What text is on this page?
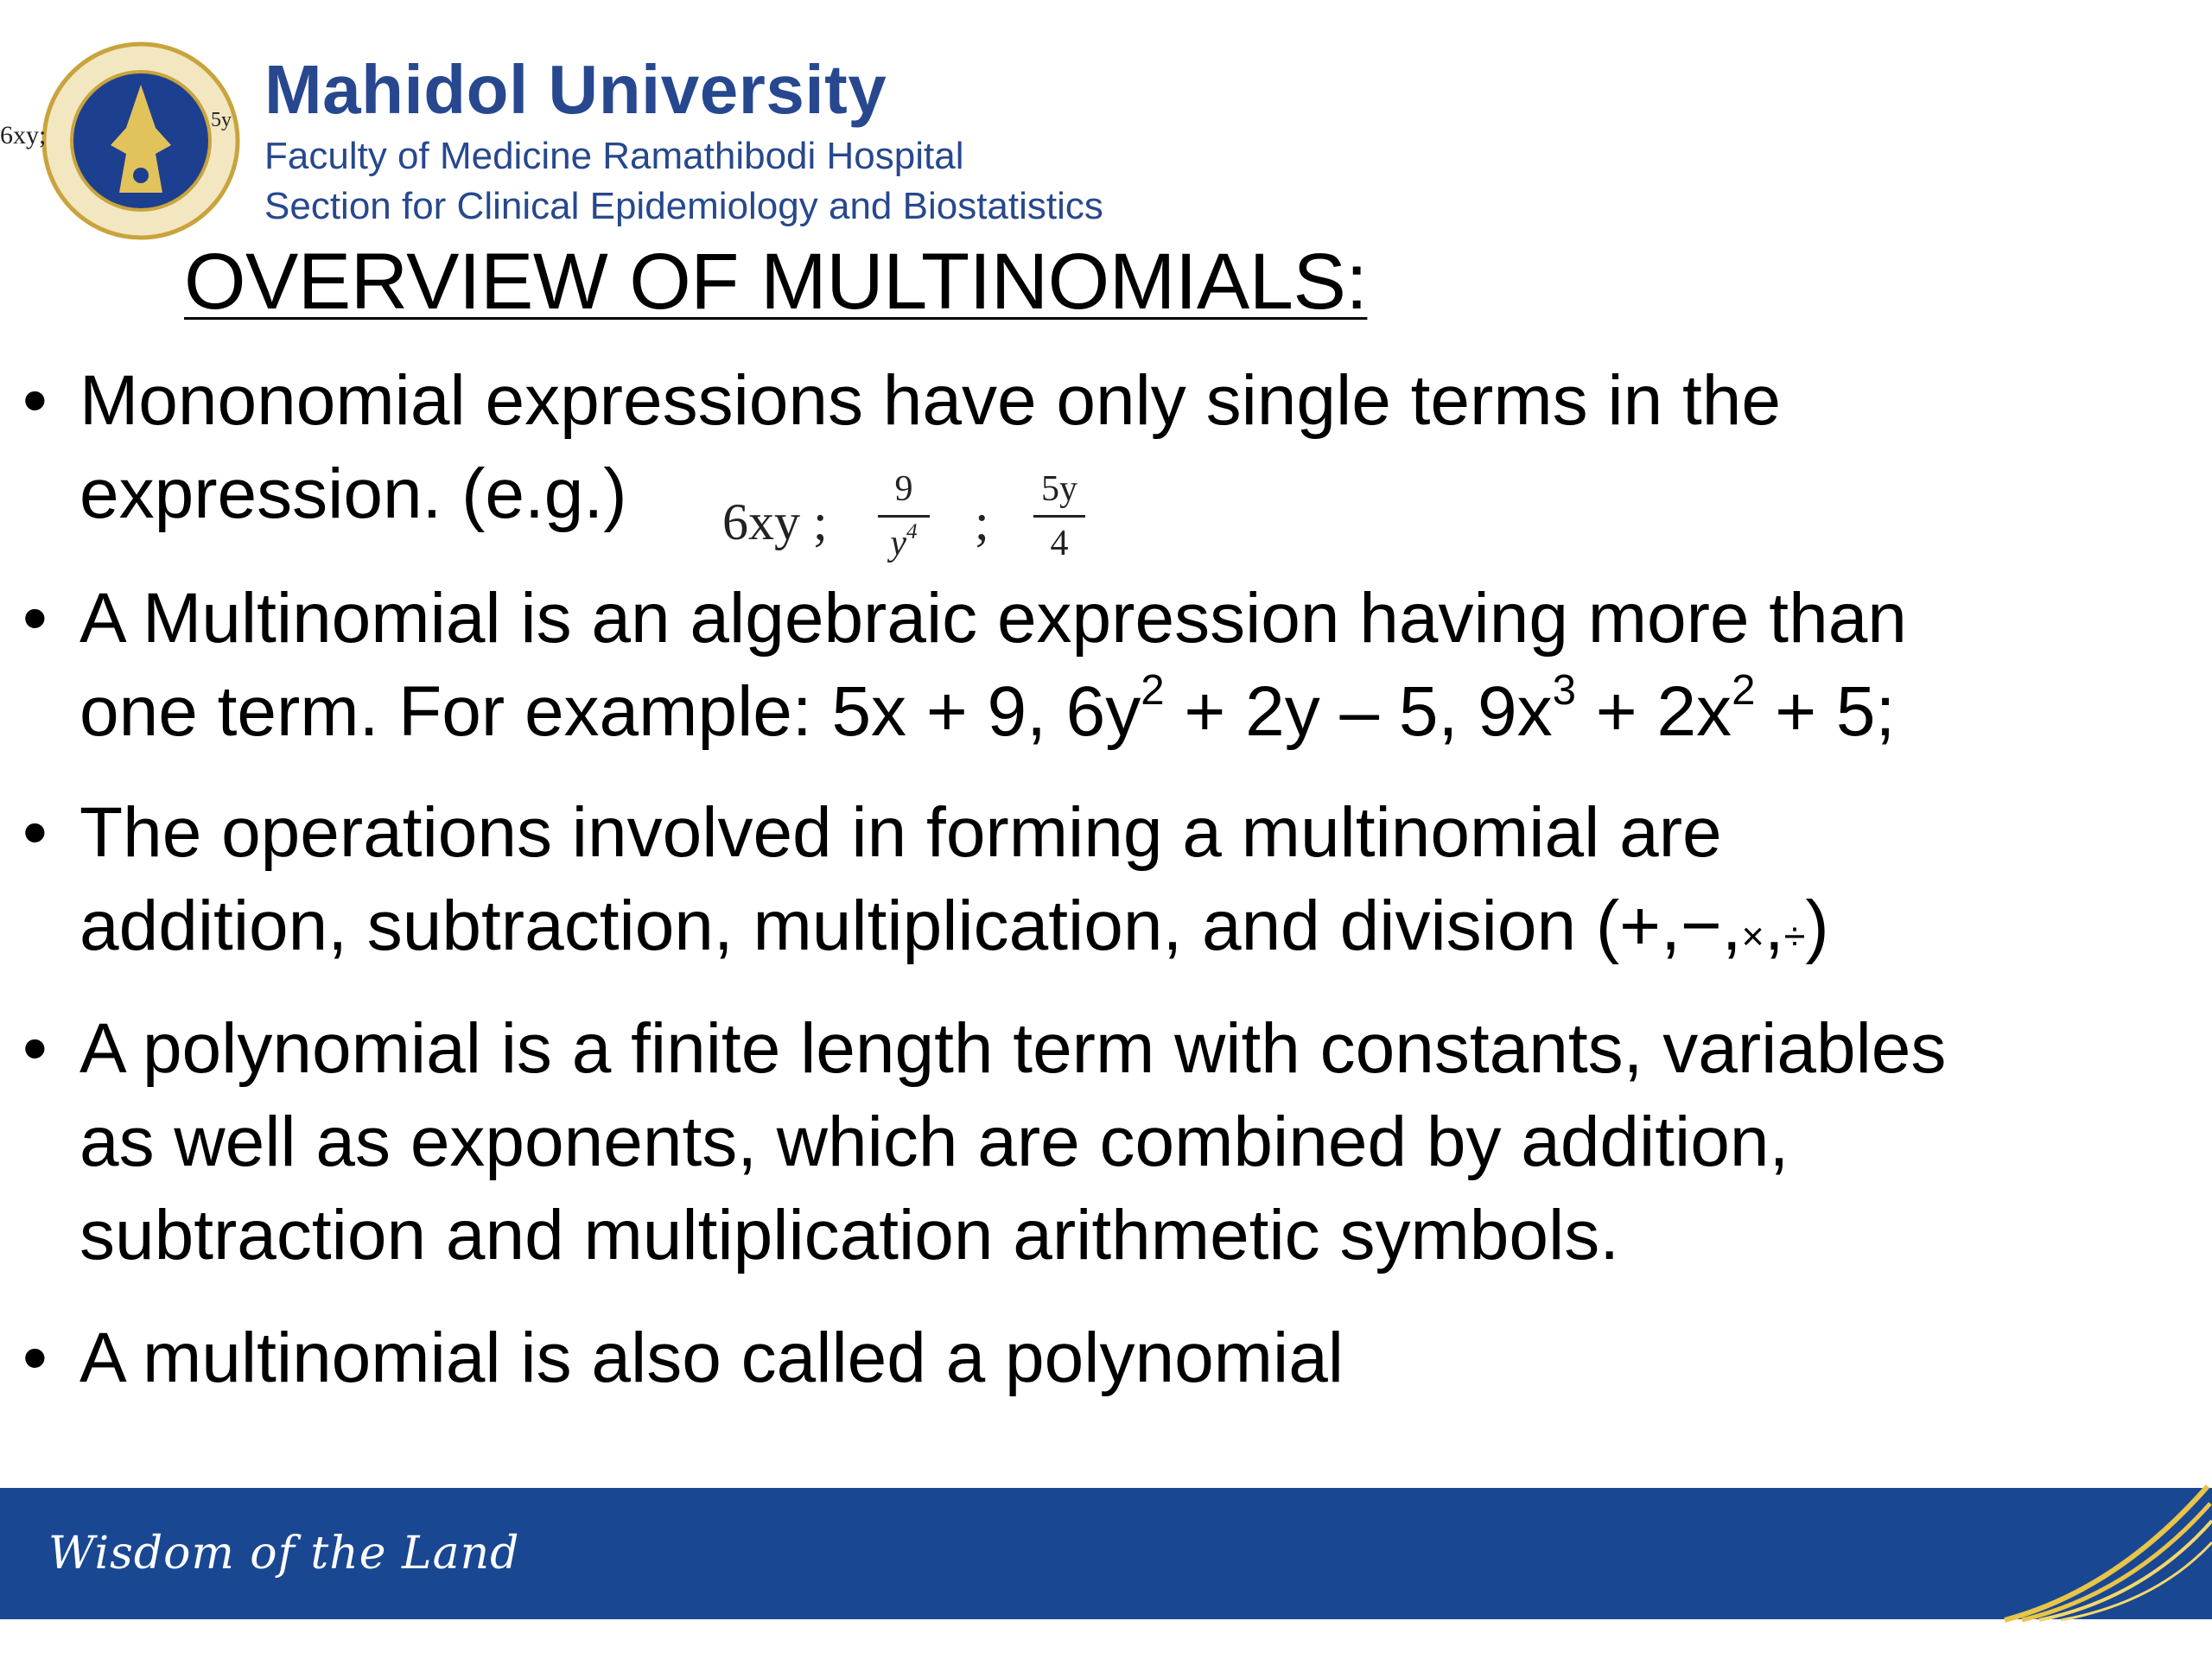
6xy;
5y Mahidol University
Faculty of Medicine Ramathibodi Hospital
Section for Clinical Epidemiology and Biostatistics
OVERVIEW OF MULTINOMIALS:
• Mononomial expressions have only single terms in the
expression. (e.g.)	6xy ;
9
$y^4$ ;
5y
4
• A Multinomial is an algebraic expression having more than
one term. For example: 5x + 9, $6y^2 + 2y - 5$, $9x^3 + 2x^2 + 5$;
• The operations involved in forming a multinomial are
addition, subtraction, multiplication, and division (+,−,×,÷)
• A polynomial is a finite length term with constants, variables
as well as exponents, which are combined by addition,
subtraction and multiplication arithmetic symbols.
• A multinomial is also called a polynomial
Wisdom of the Land
